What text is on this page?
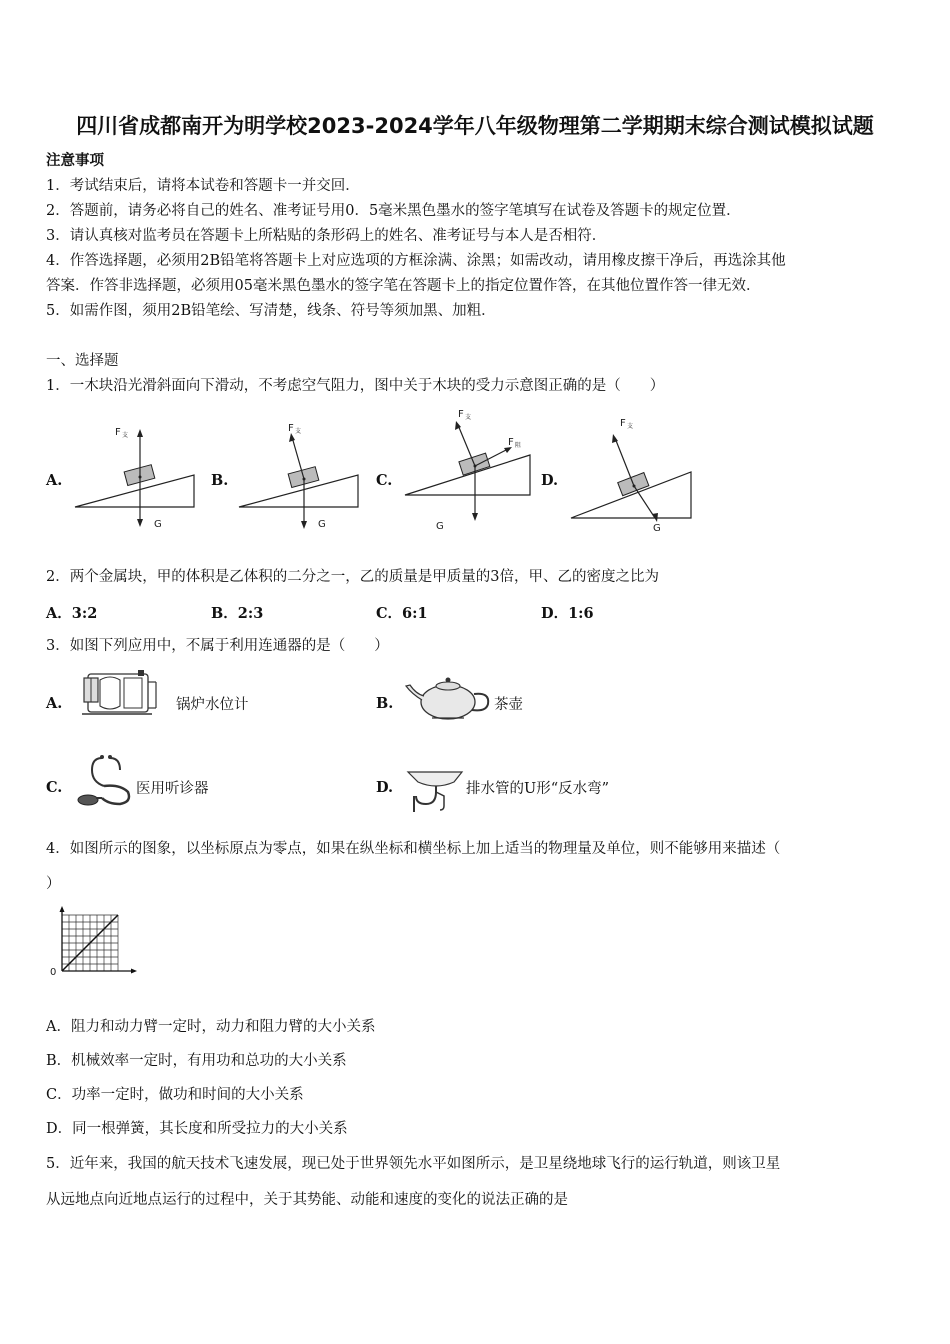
四川省成都南开为明学校2023-2024学年八年级物理第二学期期末综合测试模拟试题
注意事项
1．考试结束后，请将本试卷和答题卡一并交回．
2．答题前，请务必将自己的姓名、准考证号用0．5毫米黑色墨水的签字笔填写在试卷及答题卡的规定位置．
3．请认真核对监考员在答题卡上所粘贴的条形码上的姓名、准考证号与本人是否相符．
4．作答选择题，必须用2B铅笔将答题卡上对应选项的方框涂满、涂黑；如需改动，请用橡皮擦干净后，再选涂其他
答案．作答非选择题，必须用05毫米黑色墨水的签字笔在答题卡上的指定位置作答，在其他位置作答一律无效．
5．如需作图，须用2B铅笔绘、写清楚，线条、符号等须加黑、加粗．
一、选择题
1．一木块沿光滑斜面向下滑动，不考虑空气阻力，图中关于木块的受力示意图正确的是（　　）
A.	B.	C.	D.
F 支
G
F 支
G
F 支
F 阻
G
F 支
G
2．两个金属块，甲的体积是乙体积的二分之一，乙的质量是甲质量的3倍，甲、乙的密度之比为
A．3:2	B．2:3	C．6:1	D．1:6
3．如图下列应用中，不属于利用连通器的是（　　）
A.	锅炉水位计	B.	茶壶
C.	医用听诊器	D.	排水管的U形“反水弯”
4．如图所示的图象，以坐标原点为零点，如果在纵坐标和横坐标上加上适当的物理量及单位，则不能够用来描述（
）
0
A．阻力和动力臂一定时，动力和阻力臂的大小关系
B．机械效率一定时，有用功和总功的大小关系
C．功率一定时，做功和时间的大小关系
D．同一根弹簧，其长度和所受拉力的大小关系
5．近年来，我国的航天技术飞速发展，现已处于世界领先水平如图所示，是卫星绕地球飞行的运行轨道，则该卫星
从远地点向近地点运行的过程中，关于其势能、动能和速度的变化的说法正确的是
